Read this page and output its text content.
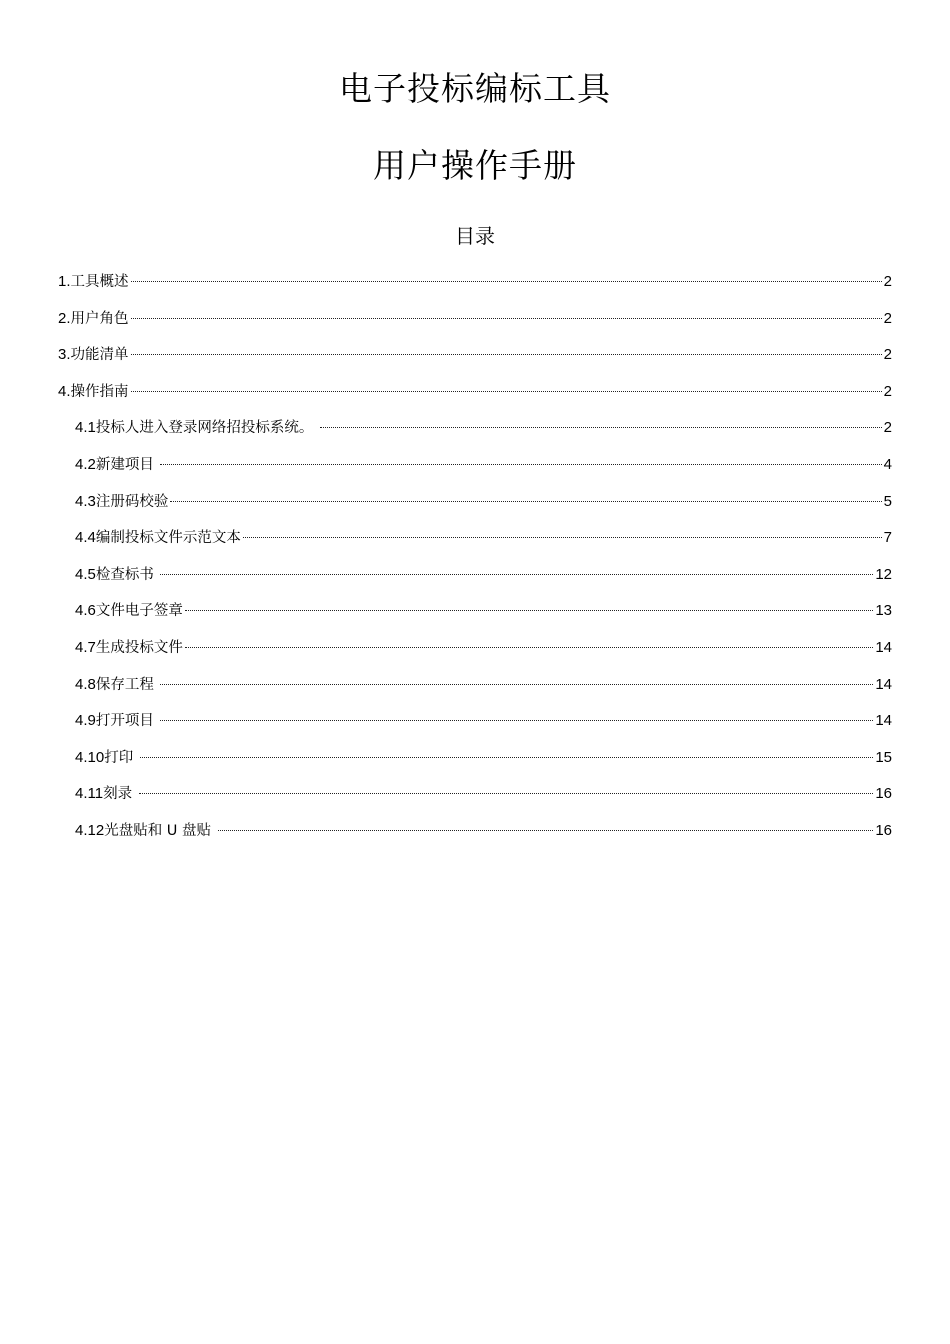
电子投标编标工具
用户操作手册
目录
1. 工具概述	2
2. 用户角色	2
3. 功能清单	2
4. 操作指南	2
4.1 投标人进入登录网络招投标系统。	2
4.2 新建项目	4
4.3 注册码校验	5
4.4 编制投标文件示范文本	7
4.5 检查标书	12
4.6 文件电子签章	13
4.7 生成投标文件	14
4.8 保存工程	14
4.9 打开项目	14
4.10 打印	15
4.11 刻录	16
4.12 光盘贴和 U 盘贴	16
